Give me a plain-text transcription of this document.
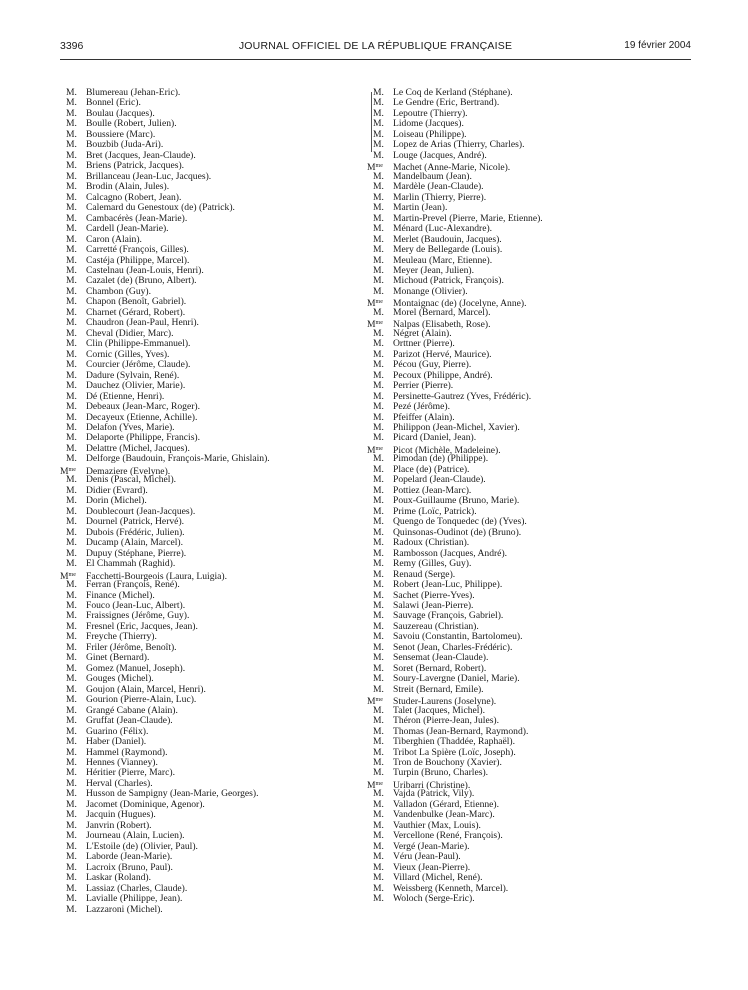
3396	JOURNAL OFFICIEL DE LA RÉPUBLIQUE FRANÇAISE	19 février 2004
M. Blumereau (Jehan-Eric).
M. Bonnel (Eric).
M. Boulau (Jacques).
M. Boulle (Robert, Julien).
M. Boussiere (Marc).
M. Bouzbib (Juda-Ari).
M. Bret (Jacques, Jean-Claude).
M. Briens (Patrick, Jacques).
M. Brillanceau (Jean-Luc, Jacques).
M. Brodin (Alain, Jules).
M. Calcagno (Robert, Jean).
M. Calemard du Genestoux (de) (Patrick).
M. Cambacérès (Jean-Marie).
M. Cardell (Jean-Marie).
M. Caron (Alain).
M. Carretté (François, Gilles).
M. Castéja (Philippe, Marcel).
M. Castelnau (Jean-Louis, Henri).
M. Cazalet (de) (Bruno, Albert).
M. Chambon (Guy).
M. Chapon (Benoît, Gabriel).
M. Charnet (Gérard, Robert).
M. Chaudron (Jean-Paul, Henri).
M. Cheval (Didier, Marc).
M. Clin (Philippe-Emmanuel).
M. Cornic (Gilles, Yves).
M. Courcier (Jérôme, Claude).
M. Dadure (Sylvain, René).
M. Dauchez (Olivier, Marie).
M. Dé (Etienne, Henri).
M. Debeaux (Jean-Marc, Roger).
M. Decayeux (Etienne, Achille).
M. Delafon (Yves, Marie).
M. Delaporte (Philippe, Francis).
M. Delattre (Michel, Jacques).
M. Delforge (Baudouin, François-Marie, Ghislain).
$M^{me}$ Demaziere (Evelyne).
M. Denis (Pascal, Michel).
M. Didier (Evrard).
M. Dorin (Michel).
M. Doublecourt (Jean-Jacques).
M. Dournel (Patrick, Hervé).
M. Dubois (Frédéric, Julien).
M. Ducamp (Alain, Marcel).
M. Dupuy (Stéphane, Pierre).
M. El Chammah (Raghid).
$M^{me}$ Facchetti-Bourgeois (Laura, Luigia).
M. Ferran (François, René).
M. Finance (Michel).
M. Fouco (Jean-Luc, Albert).
M. Fraissignes (Jérôme, Guy).
M. Fresnel (Eric, Jacques, Jean).
M. Freyche (Thierry).
M. Friler (Jérôme, Benoît).
M. Ginet (Bernard).
M. Gomez (Manuel, Joseph).
M. Gouges (Michel).
M. Goujon (Alain, Marcel, Henri).
M. Gourion (Pierre-Alain, Luc).
M. Grangé Cabane (Alain).
M. Gruffat (Jean-Claude).
M. Guarino (Félix).
M. Haber (Daniel).
M. Hammel (Raymond).
M. Hennes (Vianney).
M. Héritier (Pierre, Marc).
M. Herval (Charles).
M. Husson de Sampigny (Jean-Marie, Georges).
M. Jacomet (Dominique, Agenor).
M. Jacquin (Hugues).
M. Janvrin (Robert).
M. Journeau (Alain, Lucien).
M. L'Estoile (de) (Olivier, Paul).
M. Laborde (Jean-Marie).
M. Lacroix (Bruno, Paul).
M. Laskar (Roland).
M. Lassiaz (Charles, Claude).
M. Lavialle (Philippe, Jean).
M. Lazzaroni (Michel).
M. Le Coq de Kerland (Stéphane).
M. Le Gendre (Eric, Bertrand).
M. Lepoutre (Thierry).
M. Lidome (Jacques).
M. Loiseau (Philippe).
M. Lopez de Arias (Thierry, Charles).
M. Louge (Jacques, André).
$M^{me}$ Machet (Anne-Marie, Nicole).
M. Mandelbaum (Jean).
M. Mardèle (Jean-Claude).
M. Marlin (Thierry, Pierre).
M. Martin (Jean).
M. Martin-Prevel (Pierre, Marie, Etienne).
M. Ménard (Luc-Alexandre).
M. Merlet (Baudouin, Jacques).
M. Mery de Bellegarde (Louis).
M. Meuleau (Marc, Etienne).
M. Meyer (Jean, Julien).
M. Michoud (Patrick, François).
M. Monange (Olivier).
$M^{me}$ Montaignac (de) (Jocelyne, Anne).
M. Morel (Bernard, Marcel).
$M^{me}$ Nalpas (Elisabeth, Rose).
M. Négret (Alain).
M. Orttner (Pierre).
M. Parizot (Hervé, Maurice).
M. Pécou (Guy, Pierre).
M. Pecoux (Philippe, André).
M. Perrier (Pierre).
M. Persinette-Gautrez (Yves, Frédéric).
M. Pezé (Jérôme).
M. Pfeiffer (Alain).
M. Philippon (Jean-Michel, Xavier).
M. Picard (Daniel, Jean).
$M^{me}$ Picot (Michèle, Madeleine).
M. Pimodan (de) (Philippe).
M. Place (de) (Patrice).
M. Popelard (Jean-Claude).
M. Pottiez (Jean-Marc).
M. Poux-Guillaume (Bruno, Marie).
M. Prime (Loïc, Patrick).
M. Quengo de Tonquedec (de) (Yves).
M. Quinsonas-Oudinot (de) (Bruno).
M. Radoux (Christian).
M. Rambosson (Jacques, André).
M. Remy (Gilles, Guy).
M. Renaud (Serge).
M. Robert (Jean-Luc, Philippe).
M. Sachet (Pierre-Yves).
M. Salawi (Jean-Pierre).
M. Sauvage (François, Gabriel).
M. Sauzereau (Christian).
M. Savoiu (Constantin, Bartolomeu).
M. Senot (Jean, Charles-Frédéric).
M. Sensemat (Jean-Claude).
M. Soret (Bernard, Robert).
M. Soury-Lavergne (Daniel, Marie).
M. Streit (Bernard, Emile).
$M^{me}$ Studer-Laurens (Joselyne).
M. Talet (Jacques, Michel).
M. Théron (Pierre-Jean, Jules).
M. Thomas (Jean-Bernard, Raymond).
M. Tiberghien (Thaddée, Raphaël).
M. Tribot La Spière (Loïc, Joseph).
M. Tron de Bouchony (Xavier).
M. Turpin (Bruno, Charles).
$M^{me}$ Uribarri (Christine).
M. Vajda (Patrick, Vily).
M. Valladon (Gérard, Etienne).
M. Vandenbulke (Jean-Marc).
M. Vauthier (Max, Louis).
M. Vercellone (René, François).
M. Vergé (Jean-Marie).
M. Véru (Jean-Paul).
M. Vieux (Jean-Pierre).
M. Villard (Michel, René).
M. Weissberg (Kenneth, Marcel).
M. Woloch (Serge-Eric).
